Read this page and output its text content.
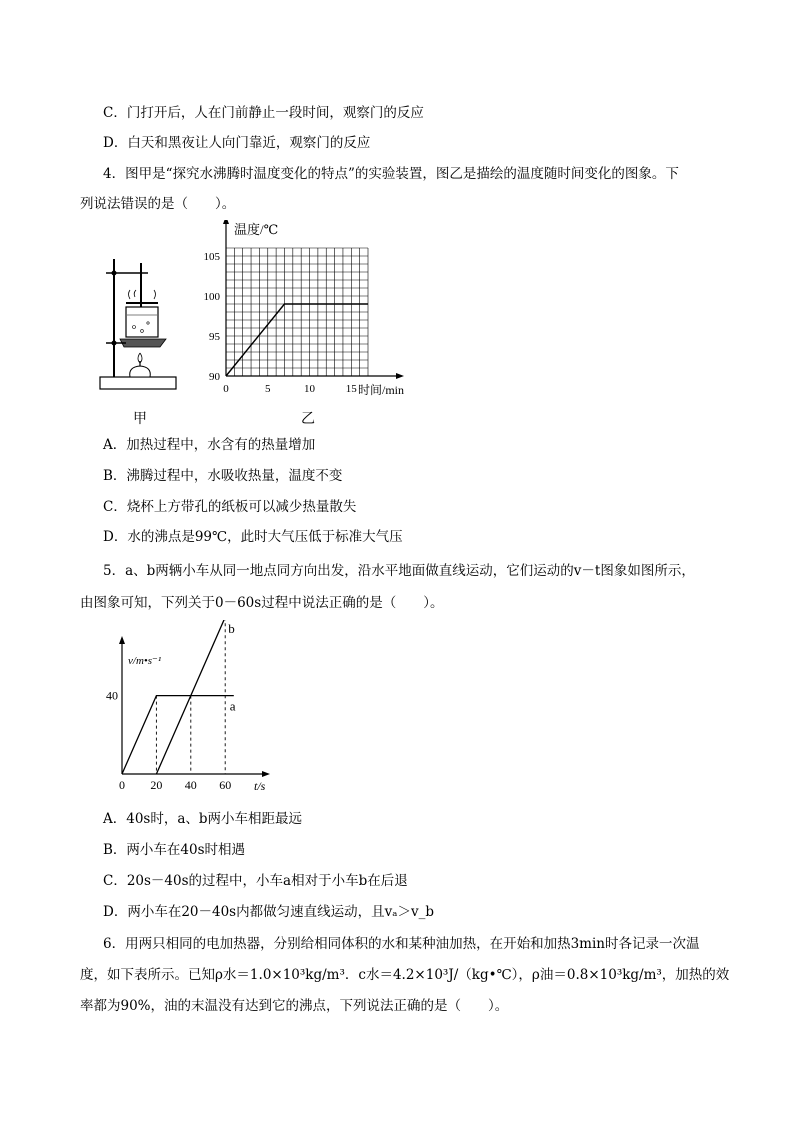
C．门打开后，人在门前静止一段时间，观察门的反应
D．白天和黑夜让人向门靠近，观察门的反应
4．图甲是“探究水沸腾时温度变化的特点”的实验装置，图乙是描绘的温度随时间变化的图象。下
列说法错误的是（　　）。
甲
0	5	10	15
90
95
100
105
温度/℃
时间/min
乙
A．加热过程中，水含有的热量增加
B．沸腾过程中，水吸收热量，温度不变
C．烧杯上方带孔的纸板可以减少热量散失
D．水的沸点是99℃，此时大气压低于标准大气压
5．a、b两辆小车从同一地点同方向出发，沿水平地面做直线运动，它们运动的v－t图象如图所示，
由图象可知，下列关于0－60s过程中说法正确的是（　　）。
0 20 40 60
40
a
b
v/m•s⁻¹
t/s
A．40s时，a、b两小车相距最远
B．两小车在40s时相遇
C．20s－40s的过程中，小车a相对于小车b在后退
D．两小车在20－40s内都做匀速直线运动，且vₐ＞v_b
6．用两只相同的电加热器，分别给相同体积的水和某种油加热，在开始和加热3min时各记录一次温
度，如下表所示。已知ρ水＝1.0×10³kg/m³．c水＝4.2×10³J/（kg•℃），ρ油＝0.8×10³kg/m³，加热的效
率都为90%，油的末温没有达到它的沸点，下列说法正确的是（　　）。
